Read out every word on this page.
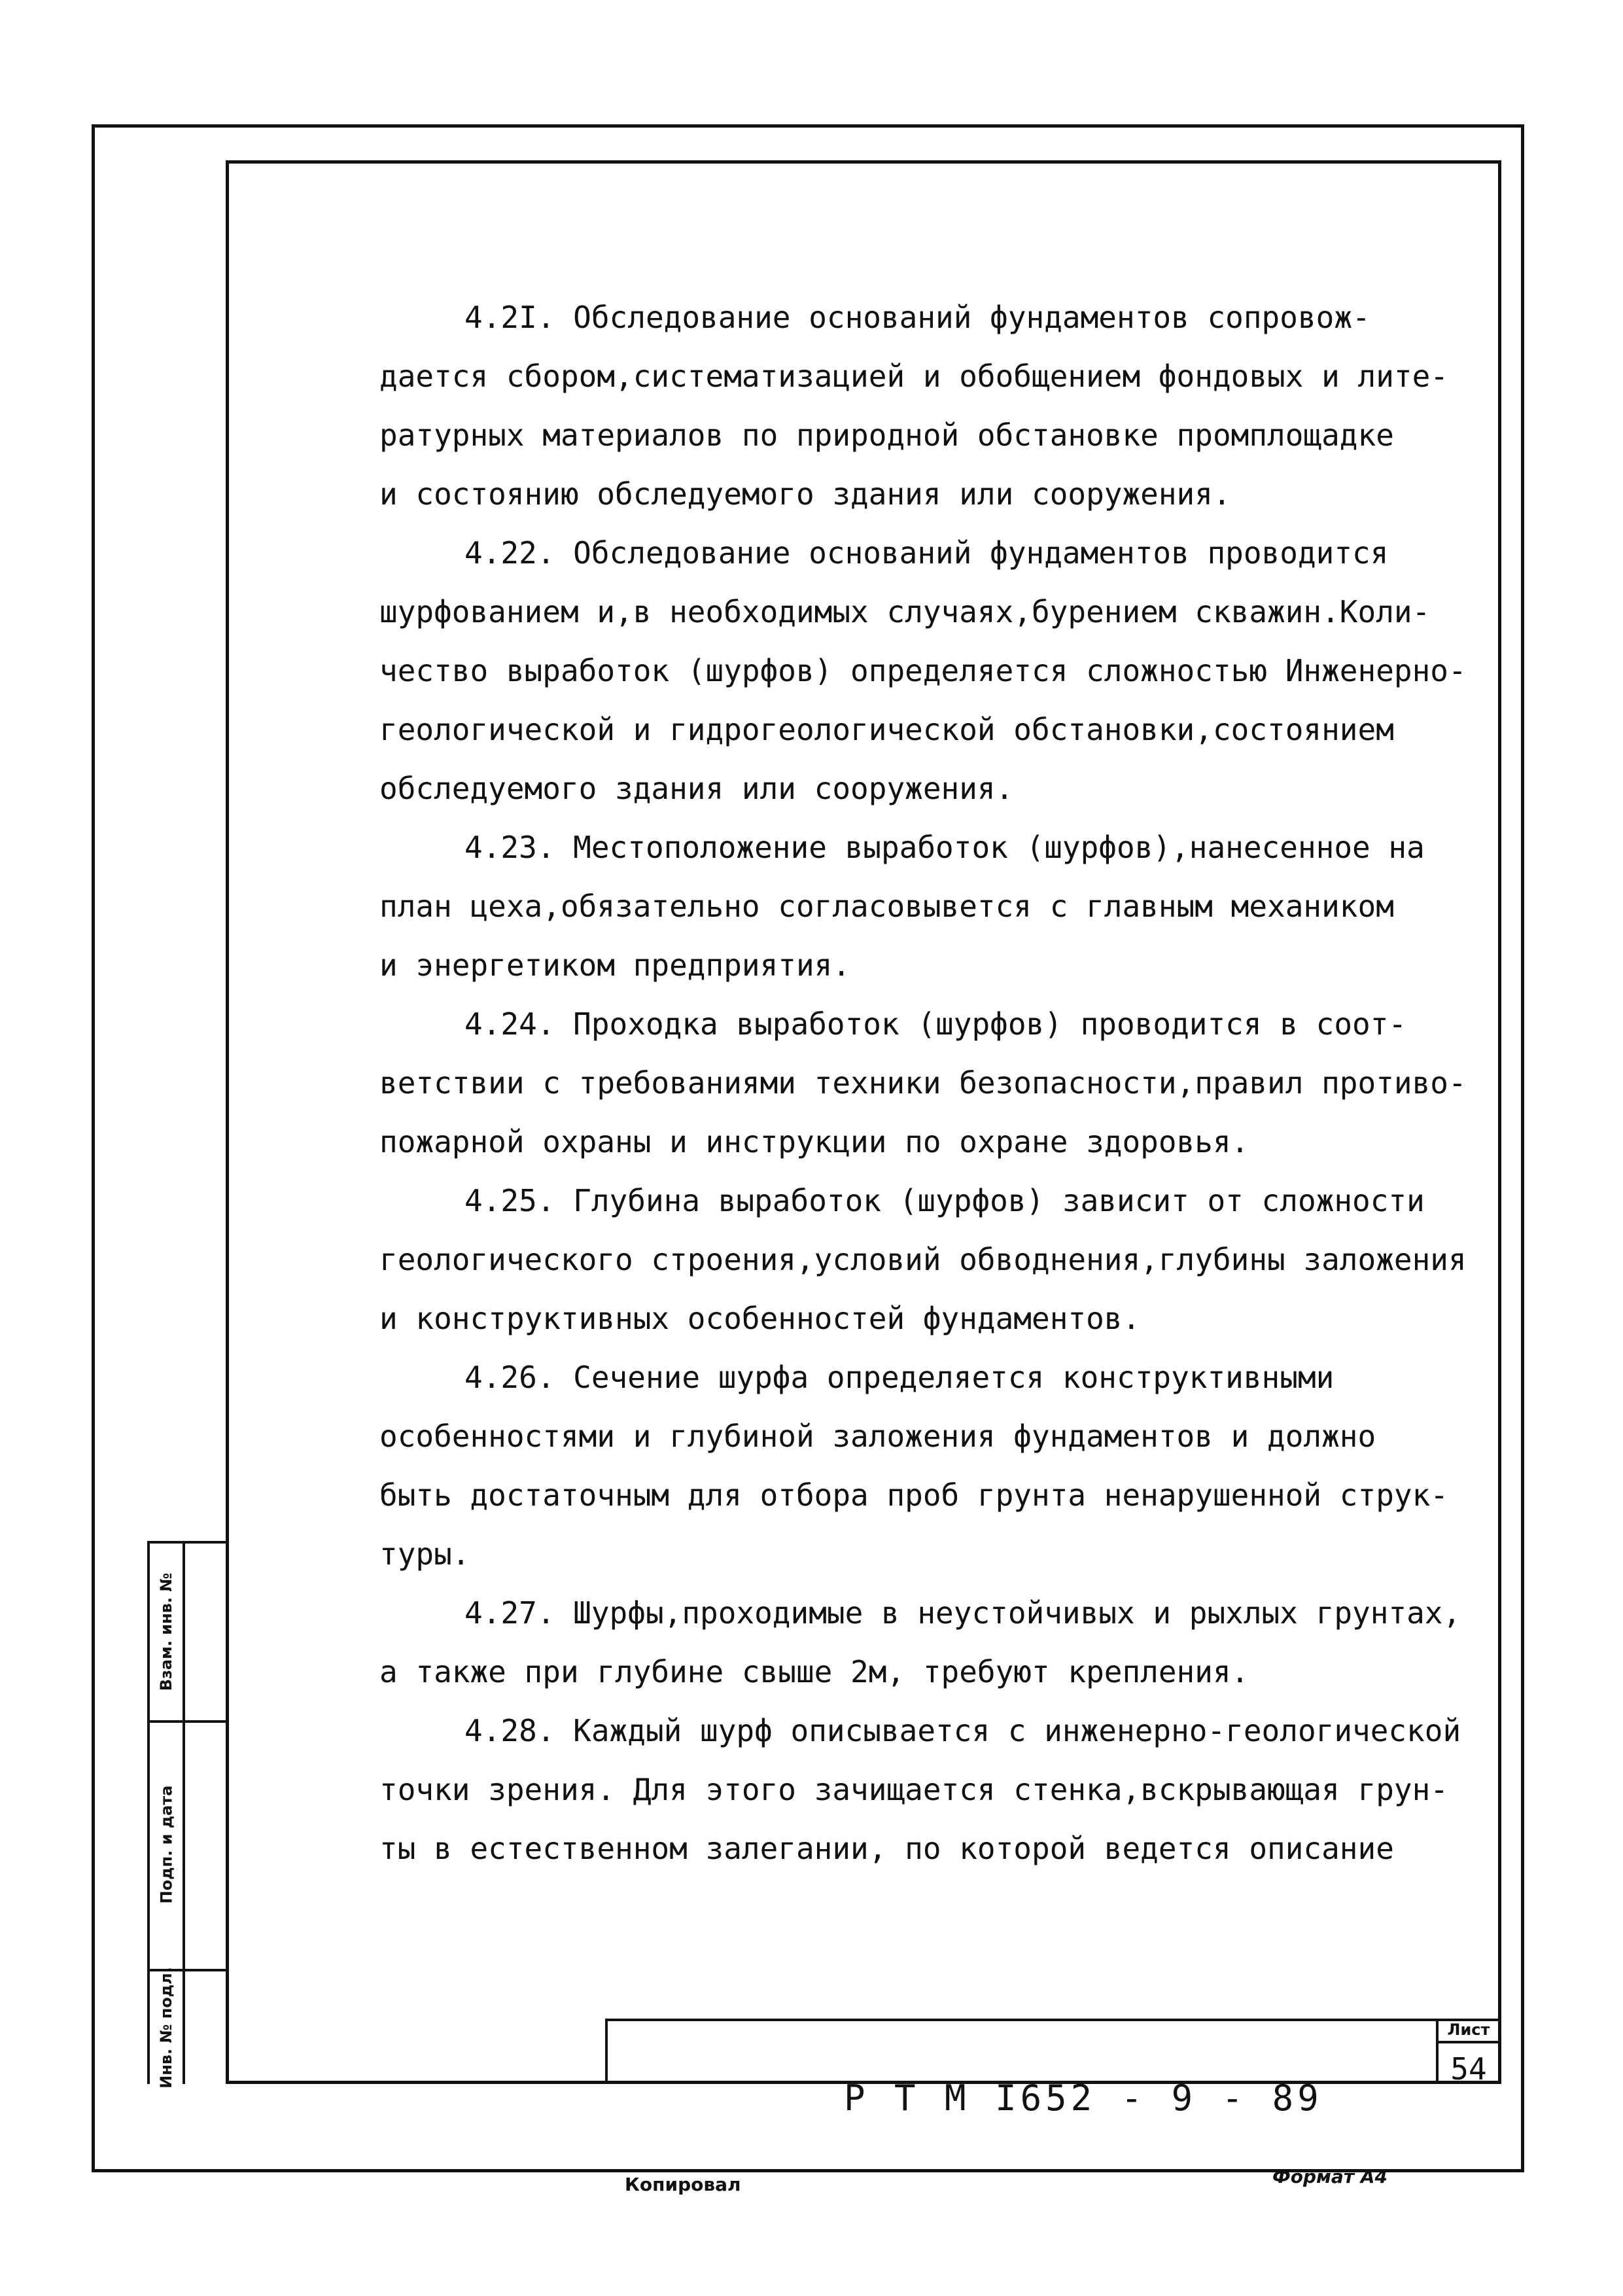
4.2I. Обследование оснований фундаментов сопровож-
дается сбором,систематизацией и обобщением фондовых и лите-
ратурных материалов по природной обстановке промплощадке
и состоянию обследуемого здания или сооружения.

4.22. Обследование оснований фундаментов проводится
шурфованием и,в необходимых случаях,бурением скважин.Коли-
чество выработок (шурфов) определяется сложностью Инженерно-
геологической и гидрогеологической обстановки,состоянием
обследуемого здания или сооружения.

4.23. Местоположение выработок (шурфов),нанесенное на
план цеха,обязательно согласовывется с главным механиком
и энергетиком предприятия.

4.24. Проходка выработок (шурфов) проводится в соот-
ветствии с требованиями техники безопасности,правил противо-
пожарной охраны и инструкции по охране здоровья.

4.25. Глубина выработок (шурфов) зависит от сложности
геологического строения,условий обводнения,глубины заложения
и конструктивных особенностей фундаментов.

4.26. Сечение шурфа определяется конструктивными
особенностями и глубиной заложения фундаментов и должно
быть достаточным для отбора проб грунта ненарушенной струк-
туры.

4.27. Шурфы,проходимые в неустойчивых и рыхлых грунтах,
а также при глубине свыше 2м, требуют крепления.

4.28. Каждый шурф описывается с инженерно-геологической
точки зрения. Для этого зачищается стенка,вскрывающая грун-
ты в естественном залегании, по которой ведется описание

Взам. инв. №
Подп. и дата
Инв. № подл.
Р Т М I652 - 9 - 89
Лист
54
Копировал	Формат А4
